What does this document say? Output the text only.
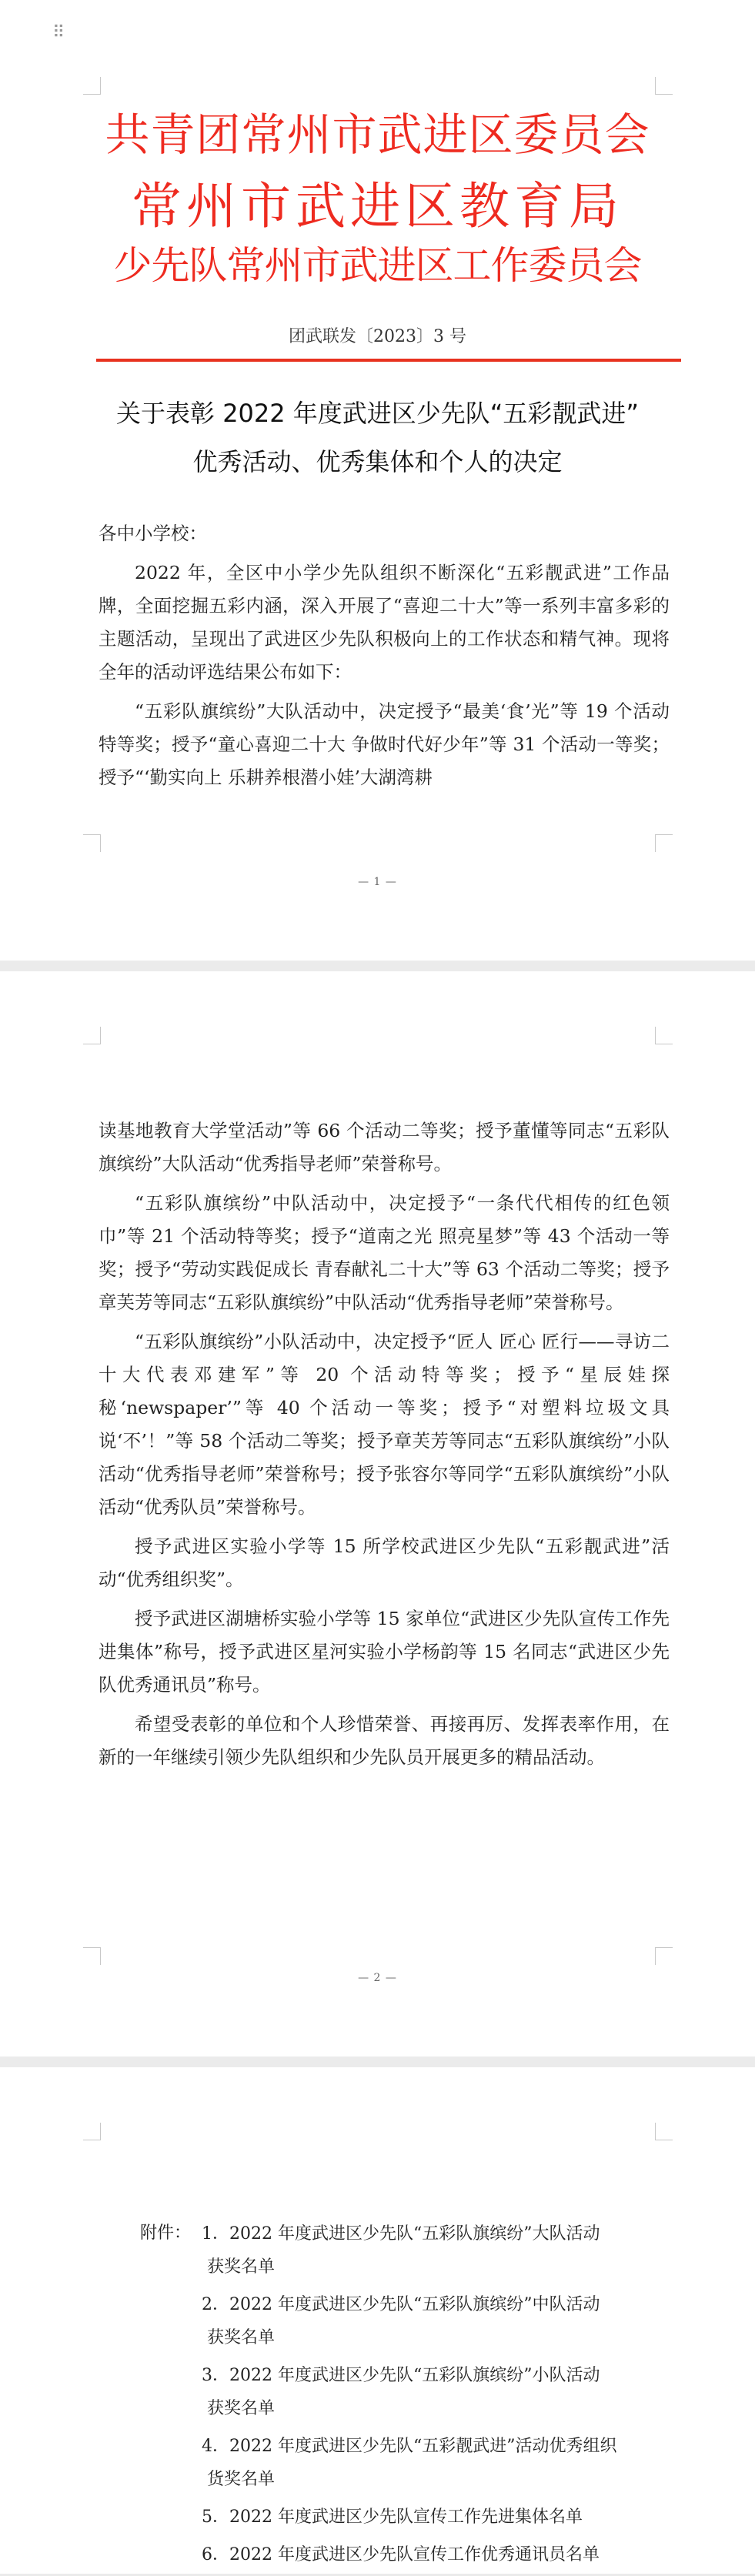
⠿
共青团常州市武进区委员会
常州市武进区教育局
少先队常州市武进区工作委员会
团武联发〔2023〕3 号
关于表彰 2022 年度武进区少先队“五彩靓武进”
优秀活动、优秀集体和个人的决定

各中小学校：

2022 年，全区中小学少先队组织不断深化“五彩靓武进”工作品牌，全面挖掘五彩内涵，深入开展了“喜迎二十大”等一系列丰富多彩的主题活动，呈现出了武进区少先队积极向上的工作状态和精气神。现将全年的活动评选结果公布如下：

“五彩队旗缤纷”大队活动中，决定授予“最美‘食’光”等 19 个活动特等奖；授予“童心喜迎二十大 争做时代好少年”等 31 个活动一等奖；授予“‘勤实向上 乐耕养根潜小娃’大湖湾耕

— 1 —

读基地教育大学堂活动”等 66 个活动二等奖；授予董懂等同志“五彩队旗缤纷”大队活动“优秀指导老师”荣誉称号。

“五彩队旗缤纷”中队活动中，决定授予“一条代代相传的红色领巾”等 21 个活动特等奖；授予“道南之光 照亮星梦”等 43 个活动一等奖；授予“劳动实践促成长 青春献礼二十大”等 63 个活动二等奖；授予章芙芳等同志“五彩队旗缤纷”中队活动“优秀指导老师”荣誉称号。

“五彩队旗缤纷”小队活动中，决定授予“匠人 匠心 匠行——寻访二十大代表邓建军”等 20 个活动特等奖；授予“星辰娃探秘‘newspaper’”等 40 个活动一等奖；授予“对塑料垃圾文具说‘不’！”等 58 个活动二等奖；授予章芙芳等同志“五彩队旗缤纷”小队活动“优秀指导老师”荣誉称号；授予张容尔等同学“五彩队旗缤纷”小队活动“优秀队员”荣誉称号。

授予武进区实验小学等 15 所学校武进区少先队“五彩靓武进”活动“优秀组织奖”。

授予武进区湖塘桥实验小学等 15 家单位“武进区少先队宣传工作先进集体”称号，授予武进区星河实验小学杨韵等 15 名同志“武进区少先队优秀通讯员”称号。

希望受表彰的单位和个人珍惜荣誉、再接再厉、发挥表率作用，在新的一年继续引领少先队组织和少先队员开展更多的精品活动。

— 2 —
附件： 1．2022 年度武进区少先队“五彩队旗缤纷”大队活动
获奖名单
2．2022 年度武进区少先队“五彩队旗缤纷”中队活动
获奖名单
3．2022 年度武进区少先队“五彩队旗缤纷”小队活动
获奖名单
4．2022 年度武进区少先队“五彩靓武进”活动优秀组织
货奖名单
5．2022 年度武进区少先队宣传工作先进集体名单
6．2022 年度武进区少先队宣传工作优秀通讯员名单
